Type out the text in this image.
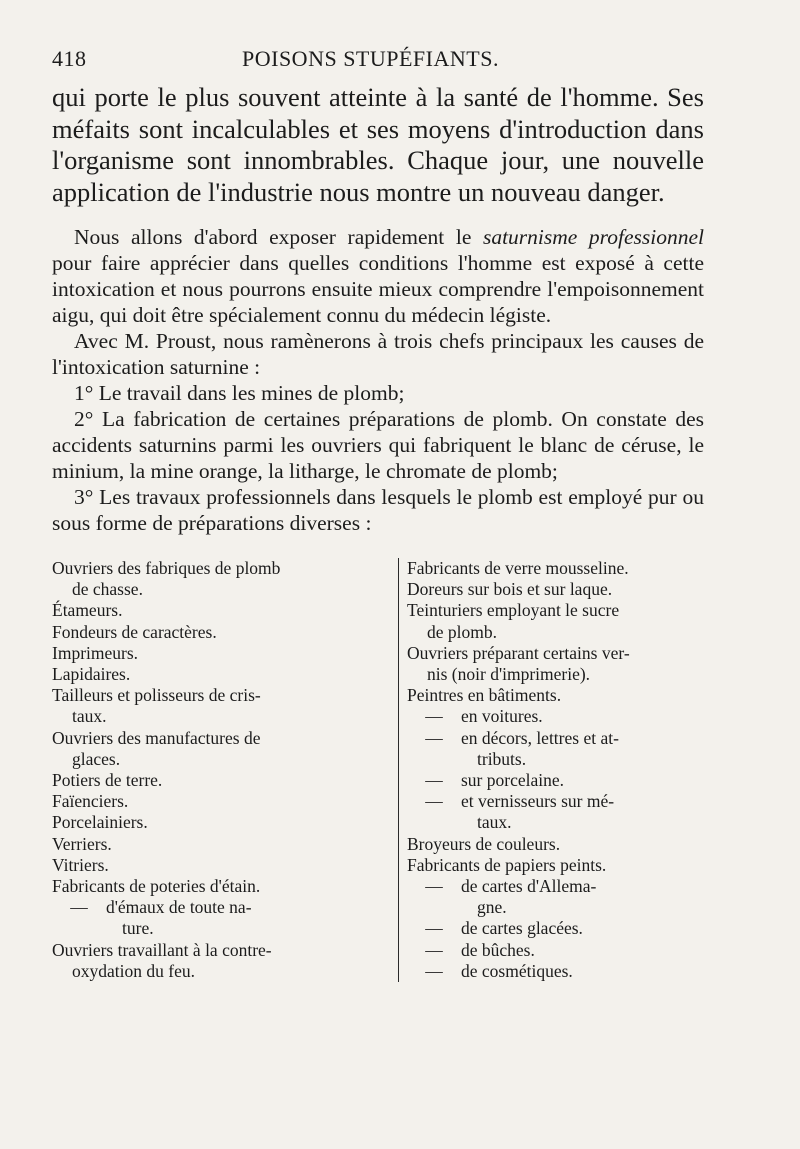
418	POISONS STUPÉFIANTS.

qui porte le plus souvent atteinte à la santé de l'homme. Ses méfaits sont incalculables et ses moyens d'introduction dans l'organisme sont innombrables. Chaque jour, une nouvelle application de l'industrie nous montre un nouveau danger.

Nous allons d'abord exposer rapidement le saturnisme professionnel pour faire apprécier dans quelles conditions l'homme est exposé à cette intoxication et nous pourrons ensuite mieux comprendre l'empoisonnement aigu, qui doit être spécialement connu du médecin légiste.

Avec M. Proust, nous ramènerons à trois chefs principaux les causes de l'intoxication saturnine :

1° Le travail dans les mines de plomb;

2° La fabrication de certaines préparations de plomb. On constate des accidents saturnins parmi les ouvriers qui fabriquent le blanc de céruse, le minium, la mine orange, la litharge, le chromate de plomb;

3° Les travaux professionnels dans lesquels le plomb est employé pur ou sous forme de préparations diverses :

Ouvriers des fabriques de plomb
de chasse.
Étameurs.
Fondeurs de caractères.
Imprimeurs.
Lapidaires.
Tailleurs et polisseurs de cris-
taux.
Ouvriers des manufactures de
glaces.
Potiers de terre.
Faïenciers.
Porcelainiers.
Verriers.
Vitriers.
Fabricants de poteries d'étain.
— d'émaux de toute na-
ture.
Ouvriers travaillant à la contre-
oxydation du feu.
Fabricants de verre mousseline.
Doreurs sur bois et sur laque.
Teinturiers employant le sucre
de plomb.
Ouvriers préparant certains ver-
nis (noir d'imprimerie).
Peintres en bâtiments.
— en voitures.
— en décors, lettres et at-
tributs.
— sur porcelaine.
— et vernisseurs sur mé-
taux.
Broyeurs de couleurs.
Fabricants de papiers peints.
— de cartes d'Allema-
gne.
— de cartes glacées.
— de bûches.
— de cosmétiques.
